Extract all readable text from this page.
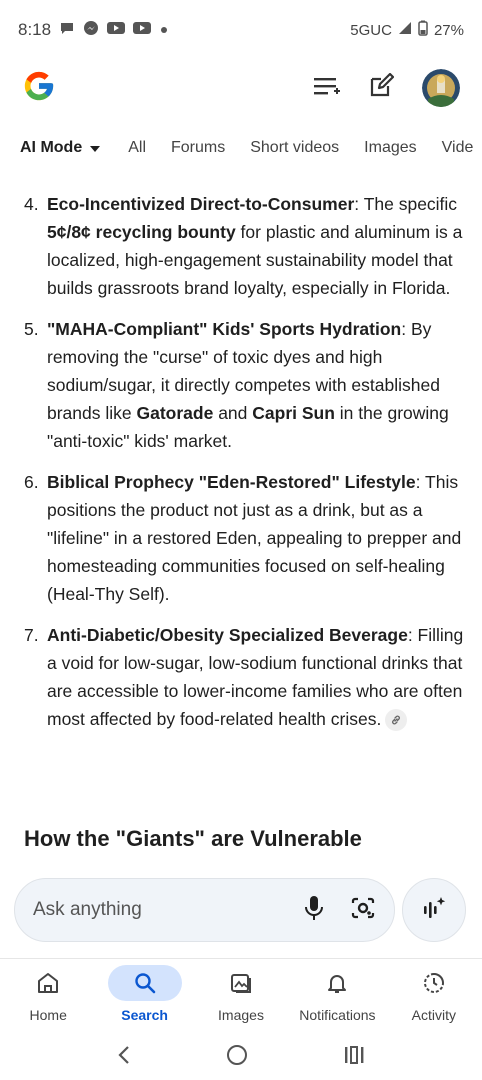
8:18	5GUC	27%
AI Mode	All Forums Short videos Images Vide
4. Eco-Incentivized Direct-to-Consumer: The specific 5¢/8¢ recycling bounty for plastic and aluminum is a localized, high-engagement sustainability model that builds grassroots brand loyalty, especially in Florida.
5. "MAHA-Compliant" Kids' Sports Hydration: By removing the "curse" of toxic dyes and high sodium/sugar, it directly competes with established brands like Gatorade and Capri Sun in the growing "anti-toxic" kids' market.
6. Biblical Prophecy "Eden-Restored" Lifestyle: This positions the product not just as a drink, but as a "lifeline" in a restored Eden, appealing to prepper and homesteading communities focused on self-healing (Heal-Thy Self).
7. Anti-Diabetic/Obesity Specialized Beverage: Filling a void for low-sugar, low-sodium functional drinks that are accessible to lower-income families who are often most affected by food-related health crises.
How the "Giants" are Vulnerable
Ask anything
Home	Search	Images	Notifications	Activity
